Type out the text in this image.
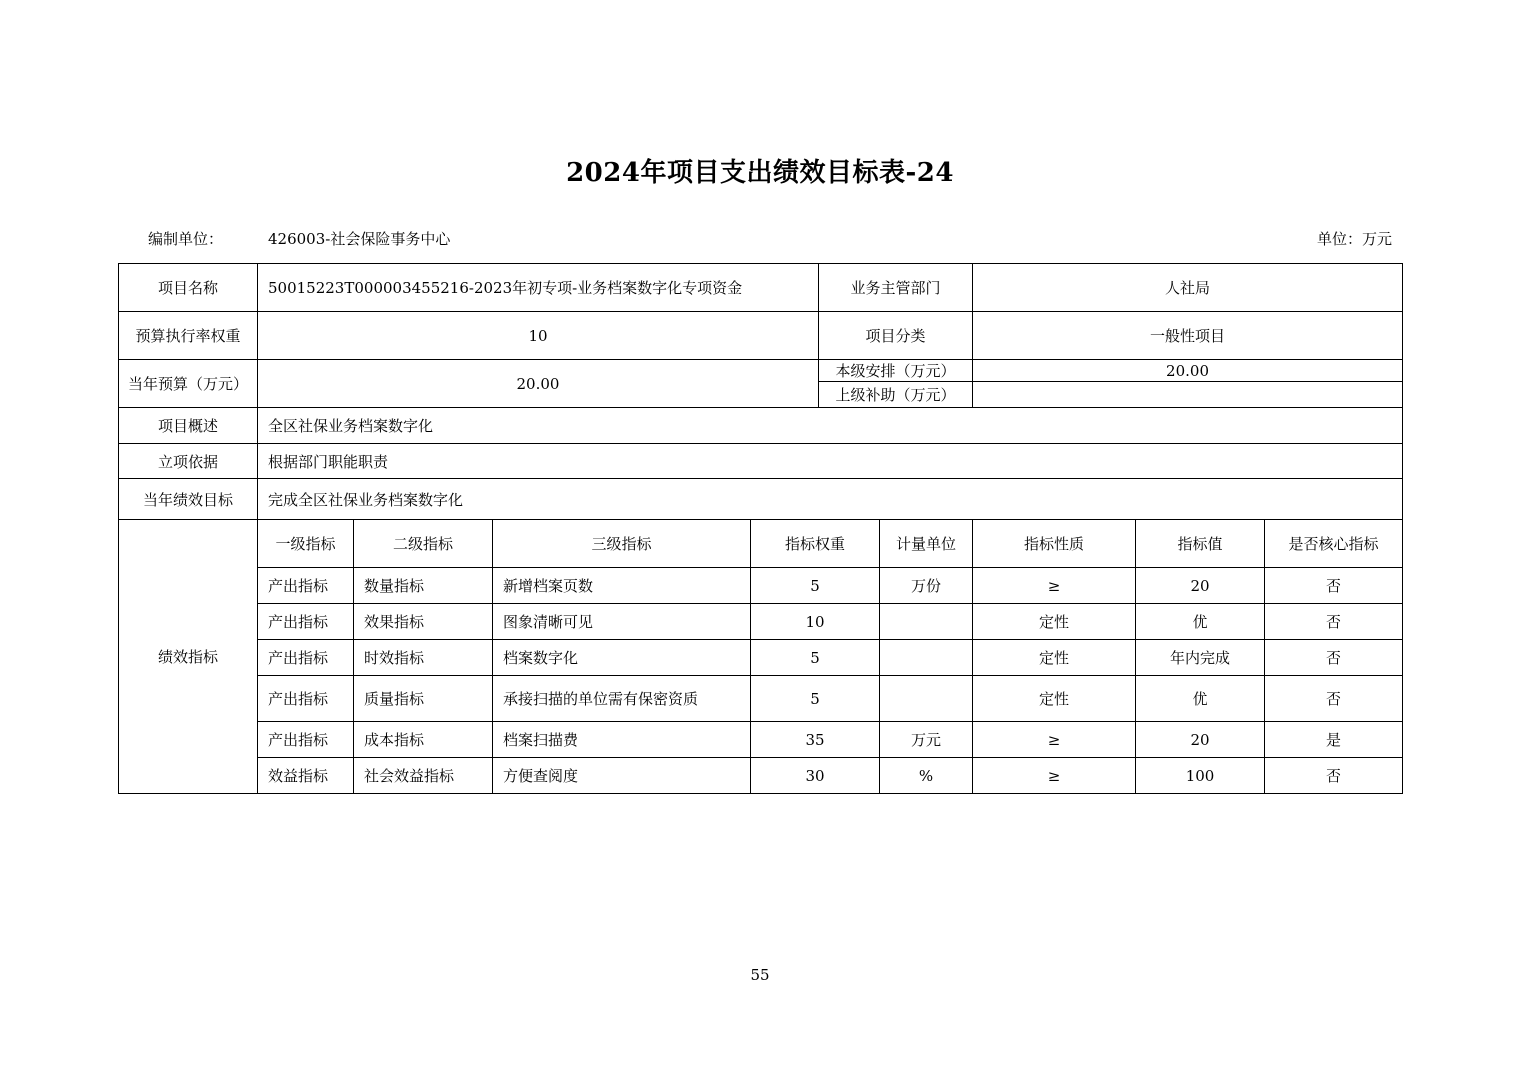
2024年项目支出绩效目标表-24
编制单位：	426003-社会保险事务中心	单位：万元
项目名称	50015223T000003455216-2023年初专项-业务档案数字化专项资金				业务主管部门		人社局		
预算执行率权重	10				项目分类		一般性项目		
当年预算（万元）	20.00				本级安排（万元）		20.00		
					上级补助（万元）				
项目概述	全区社保业务档案数字化								
立项依据	根据部门职能职责								
当年绩效目标	完成全区社保业务档案数字化								
绩效指标	一级指标	二级指标	三级指标	指标权重		计量单位	指标性质	指标值	是否核心指标
	产出指标	数量指标	新增档案页数	5		万份	≥	20	否
	产出指标	效果指标	图象清晰可见	10			定性	优	否
	产出指标	时效指标	档案数字化	5			定性	年内完成	否
	产出指标	质量指标	承接扫描的单位需有保密资质	5			定性	优	否
	产出指标	成本指标	档案扫描费	35		万元	≥	20	是
	效益指标	社会效益指标	方便查阅度	30		%	≥	100	否
55
